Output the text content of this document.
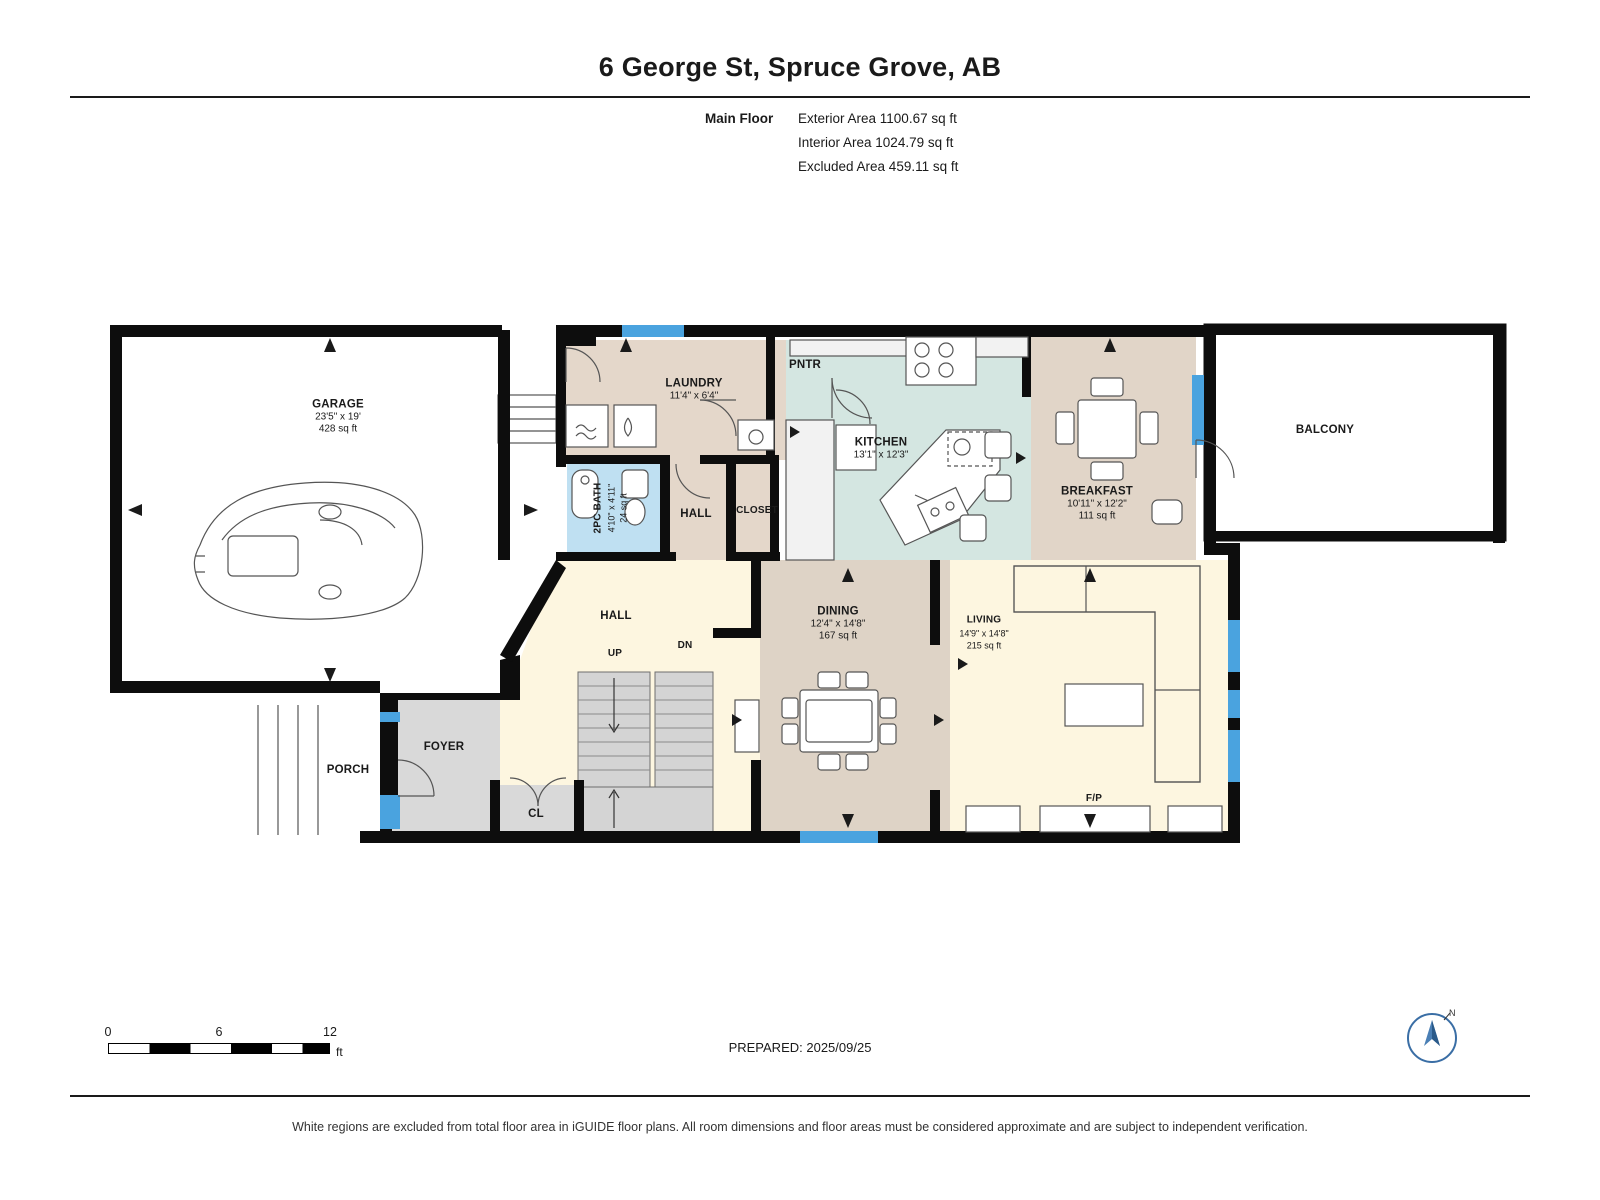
6 George St, Spruce Grove, AB
Main Floor Exterior Area 1100.67 sq ft
Interior Area 1024.79 sq ft
Excluded Area 459.11 sq ft
GARAGE
23'5" x 19'
428 sq ft
LAUNDRY
11'4" x 6'4"
PNTR
KITCHEN
13'1" x 12'3"
BREAKFAST
10'11" x 12'2"
111 sq ft
BALCONY
2PC BATH 4'10" x 4'11" 24 sq ft	HALL CLOSET
HALL	DINING
12'4" x 14'8"
167 sq ft
LIVING
14'9" x 14'8"
215 sq ft
FOYER
PORCH
CL
UP
DN
F/P
PREPARED: 2025/09/25
0	6	12
ft
N
White regions are excluded from total floor area in iGUIDE floor plans. All room dimensions and floor areas must be considered approximate and are subject to independent verification.
